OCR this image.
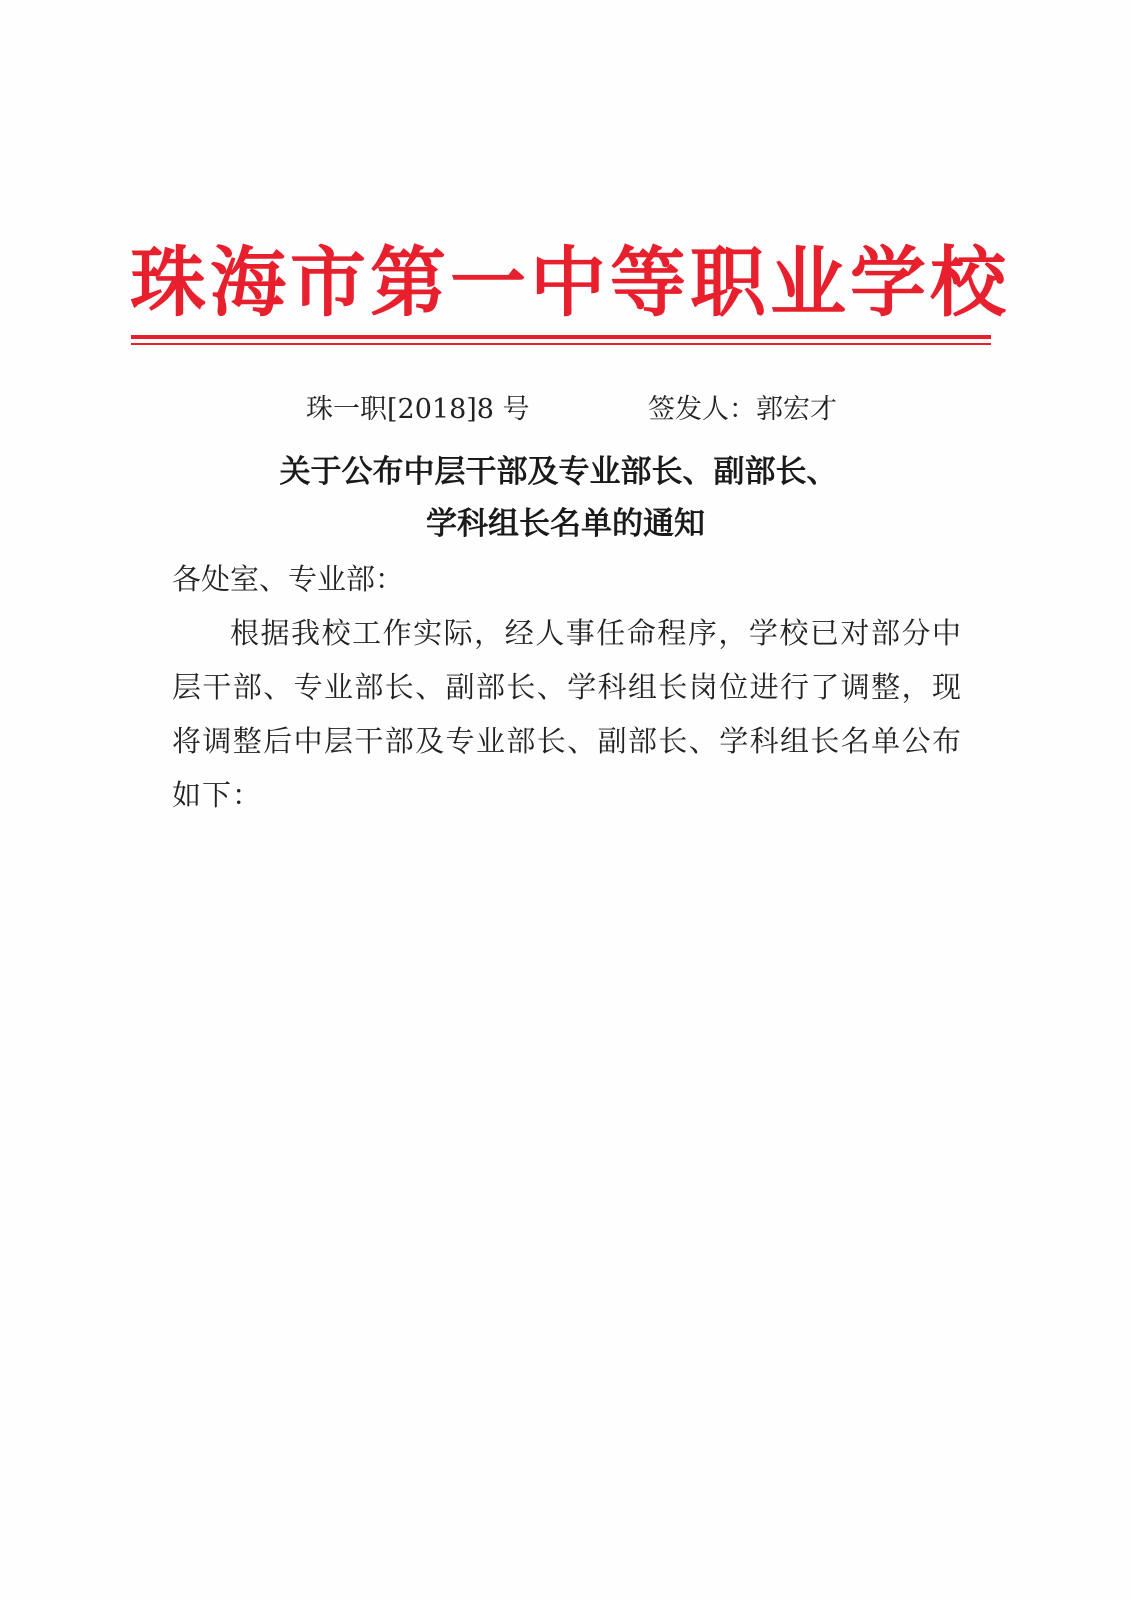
珠海市第一中等职业学校
珠一职[2018]8 号	签发人：郭宏才
关于公布中层干部及专业部长、副部长、
学科组长名单的通知
各处室、专业部：
根据我校工作实际，经人事任命程序，学校已对部分中层干部、专业部长、副部长、学科组长岗位进行了调整，现将调整后中层干部及专业部长、副部长、学科组长名单公布如下：
